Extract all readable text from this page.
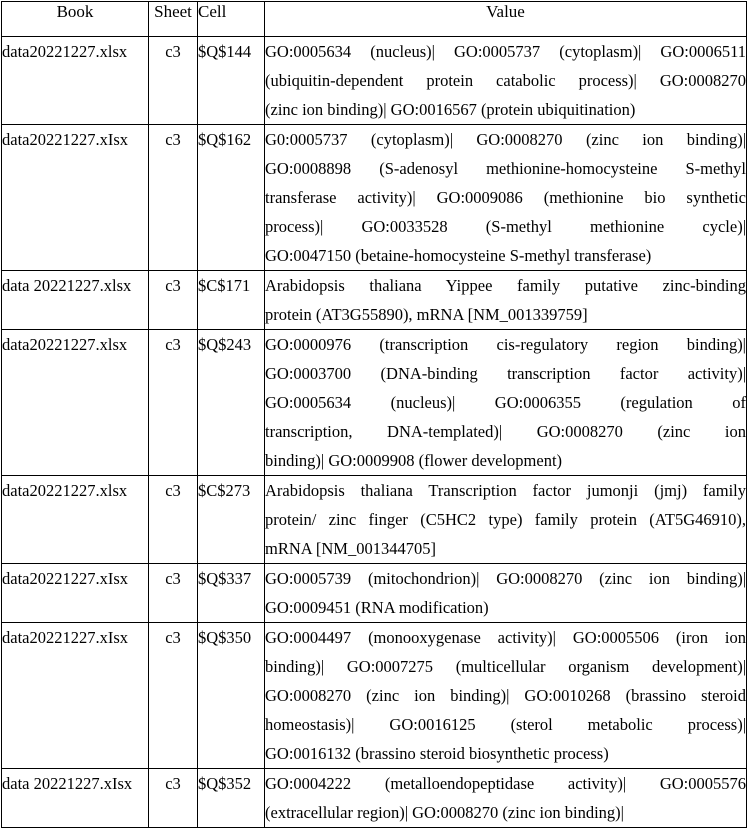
Book	Sheet	Cell	Value
data20221227.xlsx	c3	$Q$144	GO:0005634 (nucleus)| GO:0005737 (cytoplasm)| GO:0006511
(ubiquitin-dependent protein catabolic process)| GO:0008270
(zinc ion binding)| GO:0016567 (protein ubiquitination)

data20221227.xIsx	c3	$Q$162	G0:0005737 (cytoplasm)| GO:0008270 (zinc ion binding)|
GO:0008898 (S-adenosyl methionine-homocysteine S-methyl
transferase activity)| GO:0009086 (methionine bio synthetic
process)| GO:0033528 (S-methyl methionine cycle)|
GO:0047150 (betaine-homocysteine S-methyl transferase)

data 20221227.xlsx	c3	$C$171	Arabidopsis thaliana Yippee family putative zinc-binding
protein (AT3G55890), mRNA [NM_001339759]

data20221227.xlsx	c3	$Q$243	GO:0000976 (transcription cis-regulatory region binding)|
GO:0003700 (DNA-binding transcription factor activity)|
GO:0005634 (nucleus)| GO:0006355 (regulation of
transcription, DNA-templated)| GO:0008270 (zinc ion
binding)| GO:0009908 (flower development)

data20221227.xlsx	c3	$C$273	Arabidopsis thaliana Transcription factor jumonji (jmj) family
protein/ zinc finger (C5HC2 type) family protein (AT5G46910),
mRNA [NM_001344705]

data20221227.xIsx	c3	$Q$337	GO:0005739 (mitochondrion)| GO:0008270 (zinc ion binding)|
GO:0009451 (RNA modification)

data20221227.xIsx	c3	$Q$350	GO:0004497 (monooxygenase activity)| GO:0005506 (iron ion
binding)| GO:0007275 (multicellular organism development)|
GO:0008270 (zinc ion binding)| GO:0010268 (brassino steroid
homeostasis)| GO:0016125 (sterol metabolic process)|
GO:0016132 (brassino steroid biosynthetic process)

data 20221227.xIsx	c3	$Q$352	GO:0004222 (metalloendopeptidase activity)| GO:0005576
(extracellular region)| GO:0008270 (zinc ion binding)|
